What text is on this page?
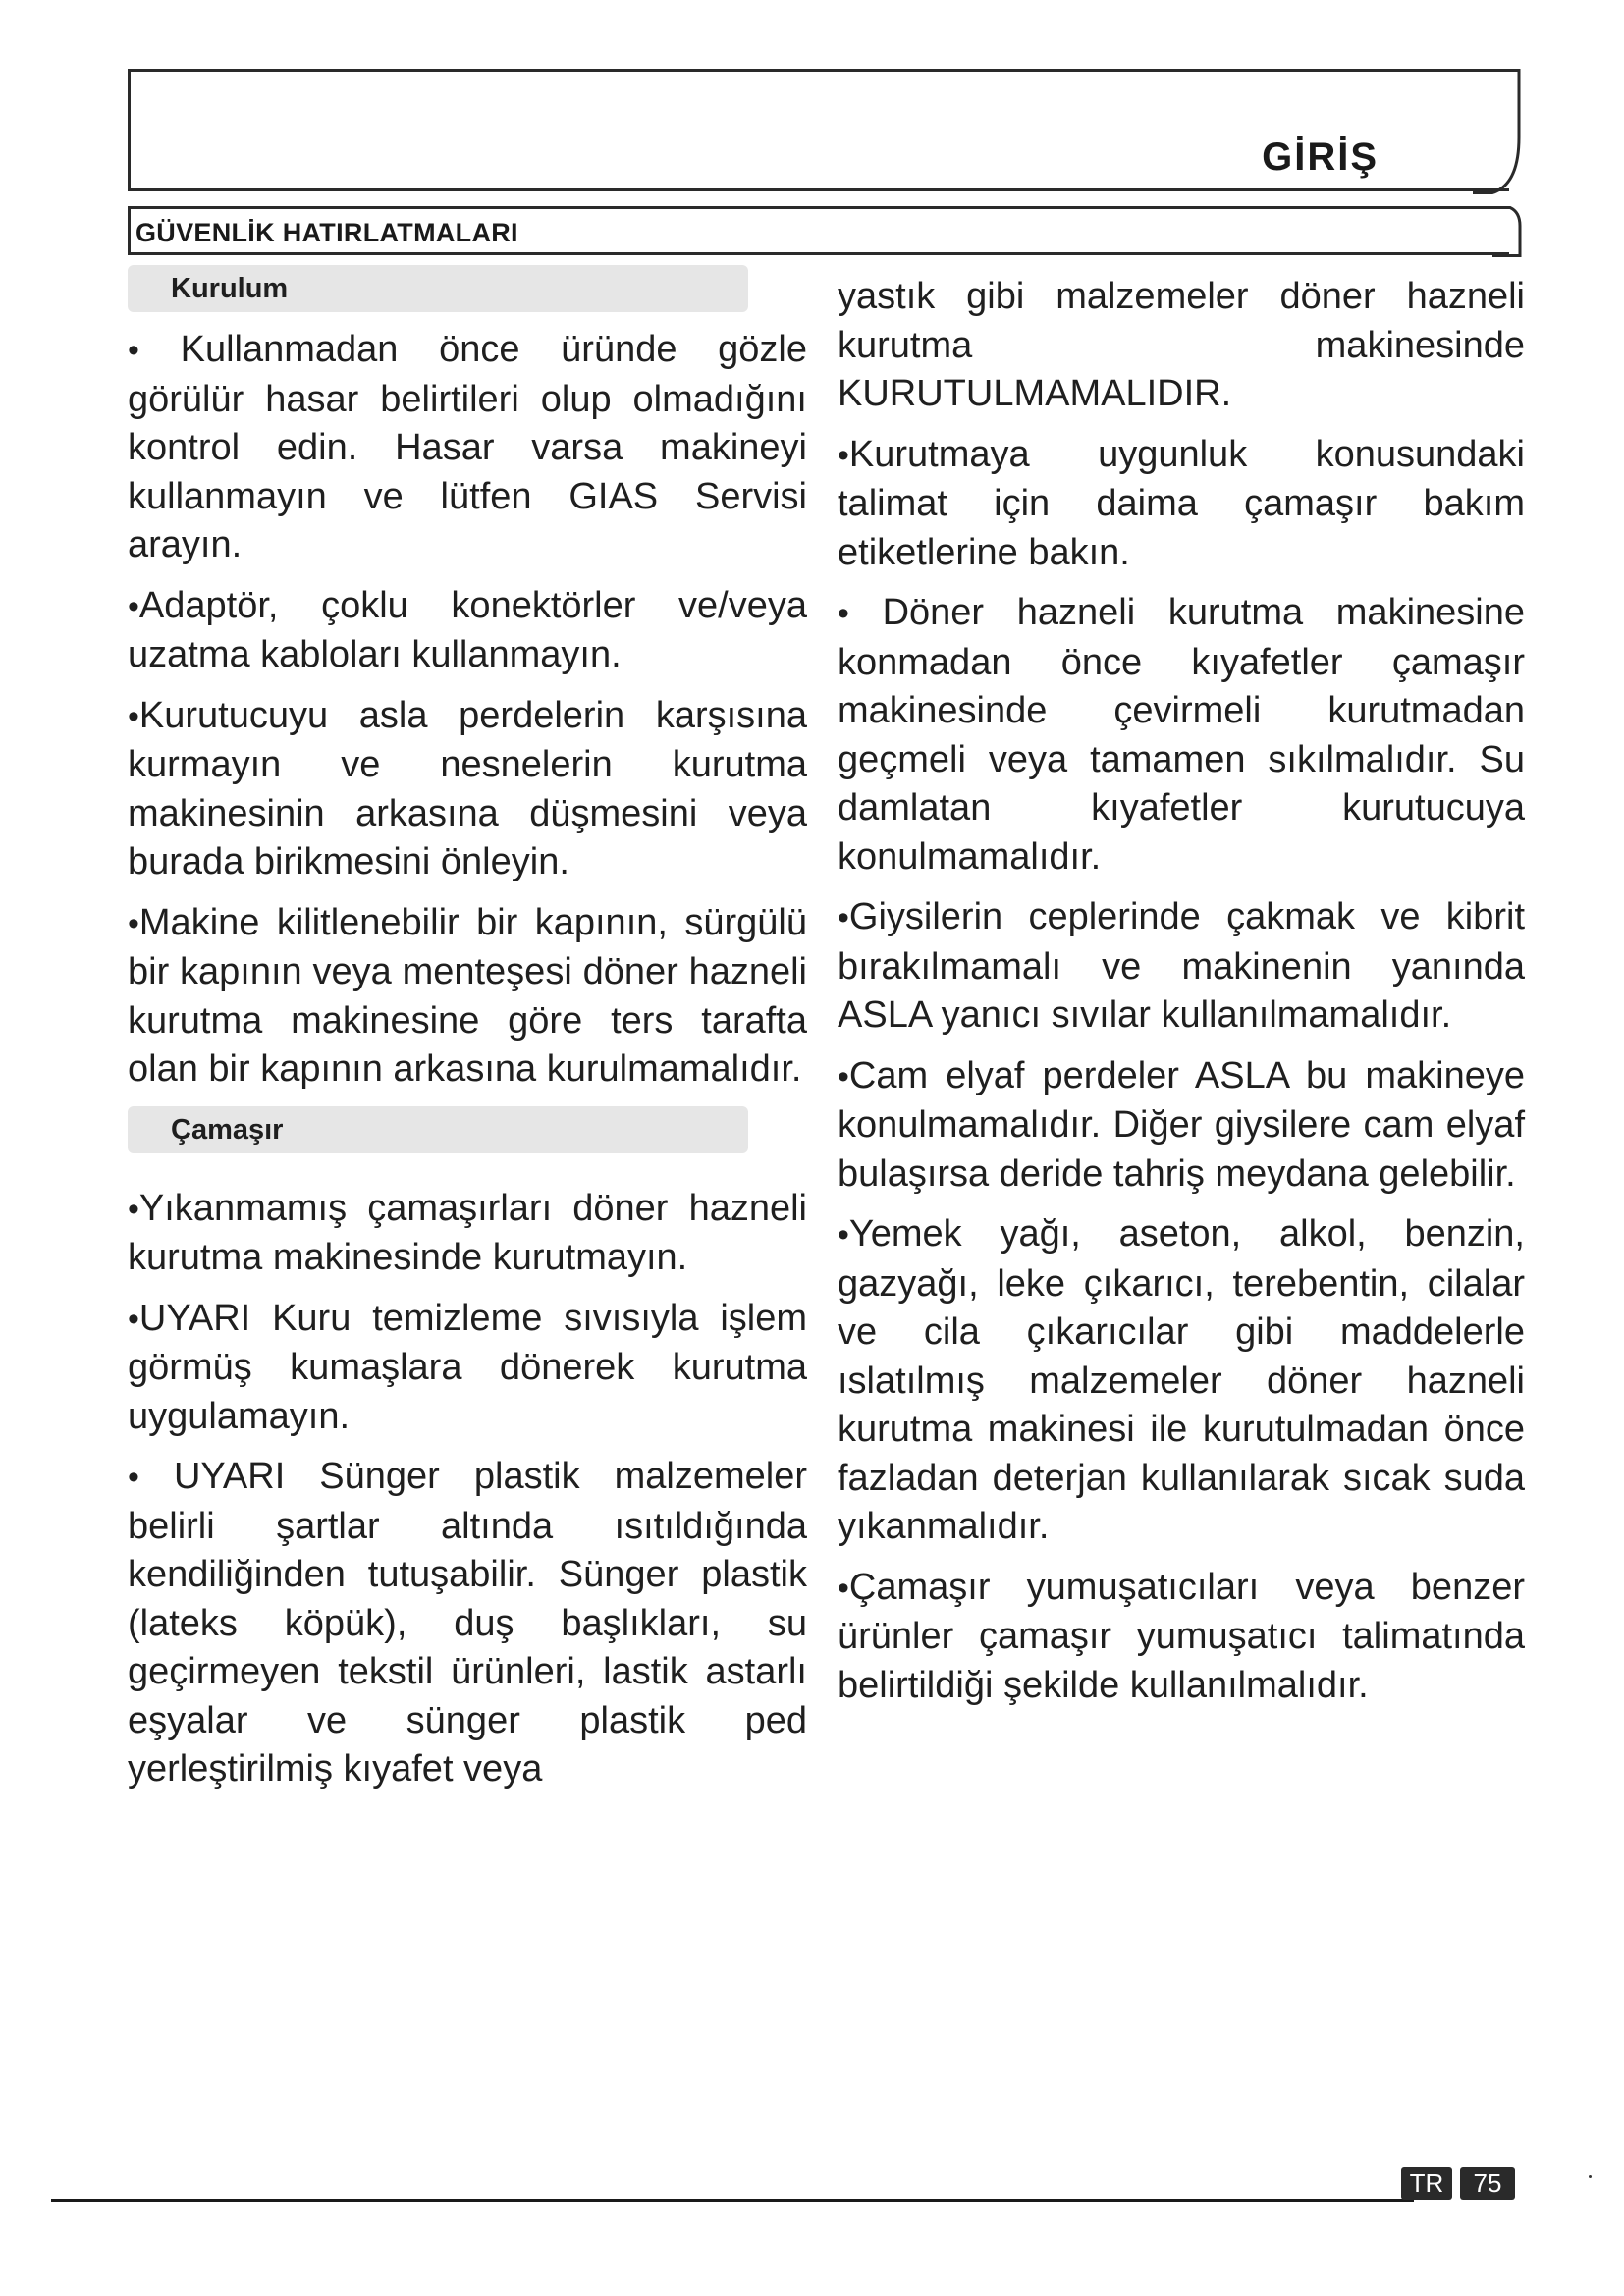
GİRİŞ
GÜVENLİK HATIRLATMALARI
Kurulum

• Kullanmadan önce üründe gözle görülür hasar belirtileri olup olmadığını kontrol edin. Hasar varsa makineyi kullanmayın ve lütfen GIAS Servisi arayın.

•Adaptör, çoklu konektörler ve/veya uzatma kabloları kullanmayın.

•Kurutucuyu asla perdelerin karşısına kurmayın ve nesnelerin kurutma makinesinin arkasına düşmesini veya burada birikmesini önleyin.

•Makine kilitlenebilir bir kapının, sürgülü bir kapının veya menteşesi döner hazneli kurutma makinesine göre ters tarafta olan bir kapının arkasına kurulmamalıdır.

Çamaşır

•Yıkanmamış çamaşırları döner hazneli kurutma makinesinde kurutmayın.

•UYARI Kuru temizleme sıvısıyla işlem görmüş kumaşlara dönerek kurutma uygulamayın.

• UYARI Sünger plastik malzemeler belirli şartlar altında ısıtıldığında kendiliğinden tutuşabilir. Sünger plastik (lateks köpük), duş başlıkları, su geçirmeyen tekstil ürünleri, lastik astarlı eşyalar ve sünger plastik ped yerleştirilmiş kıyafet veya

yastık gibi malzemeler döner hazneli kurutma makinesinde KURUTULMAMALIDIR.

•Kurutmaya uygunluk konusundaki talimat için daima çamaşır bakım etiketlerine bakın.

• Döner hazneli kurutma makinesine konmadan önce kıyafetler çamaşır makinesinde çevirmeli kurutmadan geçmeli veya tamamen sıkılmalıdır. Su damlatan kıyafetler kurutucuya konulmamalıdır.

•Giysilerin ceplerinde çakmak ve kibrit bırakılmamalı ve makinenin yanında ASLA yanıcı sıvılar kullanılmamalıdır.

•Cam elyaf perdeler ASLA bu makineye konulmamalıdır. Diğer giysilere cam elyaf bulaşırsa deride tahriş meydana gelebilir.

•Yemek yağı, aseton, alkol, benzin, gazyağı, leke çıkarıcı, terebentin, cilalar ve cila çıkarıcılar gibi maddelerle ıslatılmış malzemeler döner hazneli kurutma makinesi ile kurutulmadan önce fazladan deterjan kullanılarak sıcak suda yıkanmalıdır.

•Çamaşır yumuşatıcıları veya benzer ürünler çamaşır yumuşatıcı talimatında belirtildiği şekilde kullanılmalıdır.

TR	75
